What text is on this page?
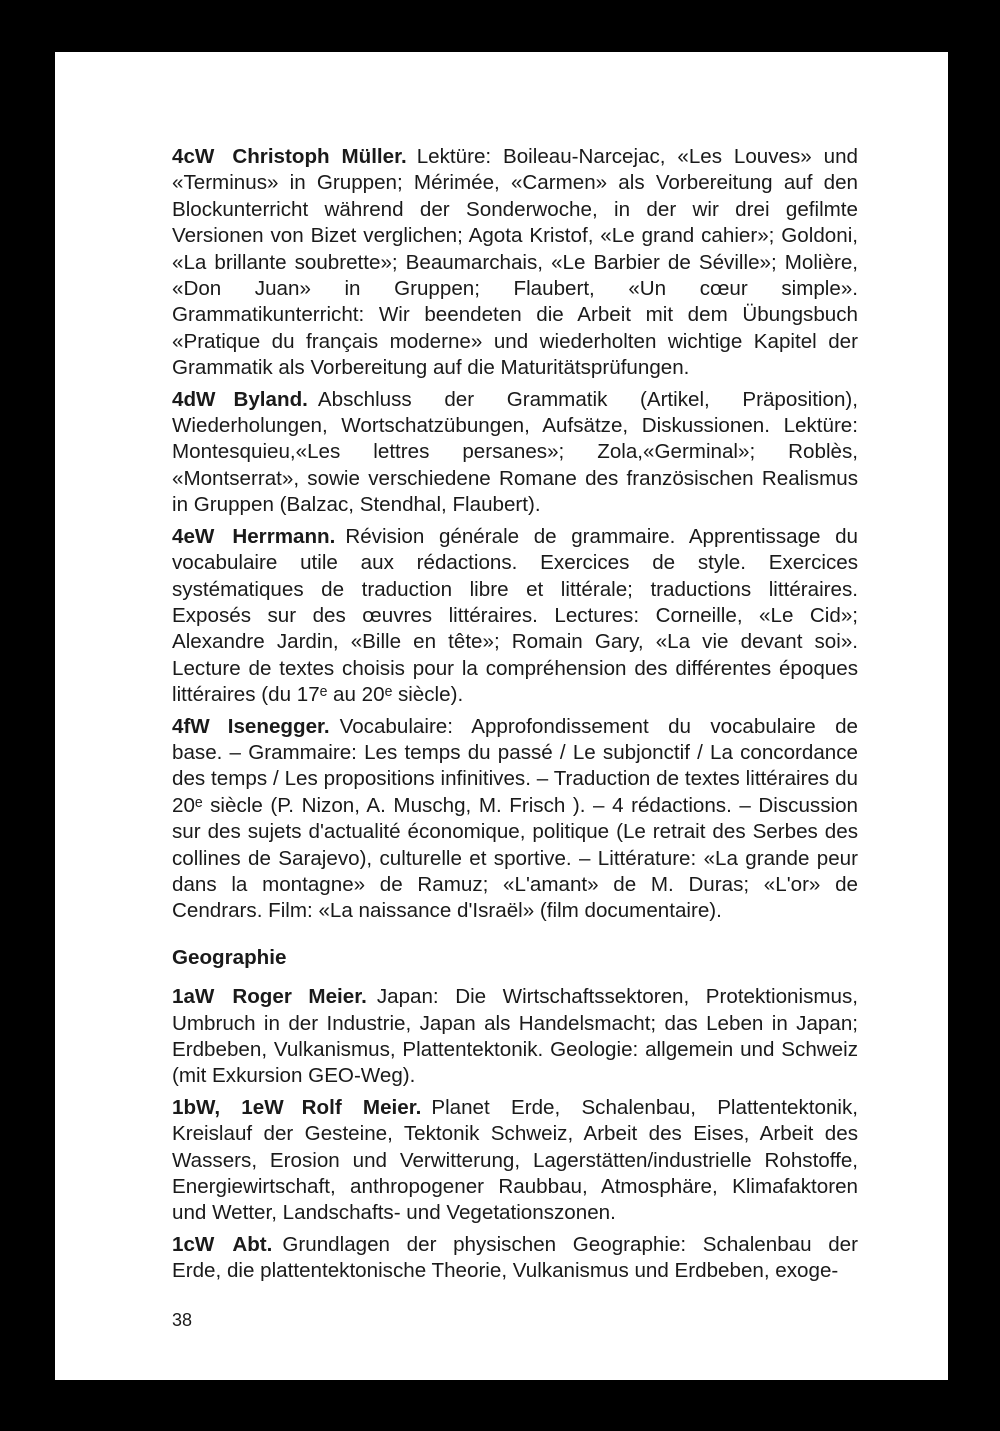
4cW Christoph Müller. Lektüre: Boileau-Narcejac, «Les Louves» und «Terminus» in Gruppen; Mérimée, «Carmen» als Vorbereitung auf den Blockunterricht während der Sonderwoche, in der wir drei gefilmte Versionen von Bizet verglichen; Agota Kristof, «Le grand cahier»; Goldoni, «La brillante soubrette»; Beaumarchais, «Le Barbier de Séville»; Molière, «Don Juan» in Gruppen; Flaubert, «Un cœur simple». Grammatikunterricht: Wir beendeten die Arbeit mit dem Übungsbuch «Pratique du français moderne» und wiederholten wichtige Kapitel der Grammatik als Vorbereitung auf die Maturitätsprüfungen.

4dW Byland. Abschluss der Grammatik (Artikel, Präposition), Wiederholungen, Wortschatzübungen, Aufsätze, Diskussionen. Lektüre: Montesquieu,«Les lettres persanes»; Zola,«Germinal»; Roblès, «Montserrat», sowie verschiedene Romane des französischen Realismus in Gruppen (Balzac, Stendhal, Flaubert).

4eW Herrmann. Révision générale de grammaire. Apprentissage du vocabulaire utile aux rédactions. Exercices de style. Exercices systématiques de traduction libre et littérale; traductions littéraires. Exposés sur des œuvres littéraires. Lectures: Corneille, «Le Cid»; Alexandre Jardin, «Bille en tête»; Romain Gary, «La vie devant soi». Lecture de textes choisis pour la compréhension des différentes époques littéraires (du 17ᵉ au 20ᵉ siècle).

4fW Isenegger. Vocabulaire: Approfondissement du vocabulaire de base. – Grammaire: Les temps du passé / Le subjonctif / La concordance des temps / Les propositions infinitives. – Traduction de textes littéraires du 20ᵉ siècle (P. Nizon, A. Muschg, M. Frisch ). – 4 rédactions. – Discussion sur des sujets d'actualité économique, politique (Le retrait des Serbes des collines de Sarajevo), culturelle et sportive. – Littérature: «La grande peur dans la montagne» de Ramuz; «L'amant» de M. Duras; «L'or» de Cendrars. Film: «La naissance d'Israël» (film documentaire).

Geographie

1aW Roger Meier. Japan: Die Wirtschaftssektoren, Protektionismus, Umbruch in der Industrie, Japan als Handelsmacht; das Leben in Japan; Erdbeben, Vulkanismus, Plattentektonik. Geologie: allgemein und Schweiz (mit Exkursion GEO-Weg).

1bW, 1eW Rolf Meier. Planet Erde, Schalenbau, Plattentektonik, Kreislauf der Gesteine, Tektonik Schweiz, Arbeit des Eises, Arbeit des Wassers, Erosion und Verwitterung, Lagerstätten/industrielle Rohstoffe, Energiewirtschaft, anthropogener Raubbau, Atmosphäre, Klimafaktoren und Wetter, Landschafts- und Vegetationszonen.

1cW Abt. Grundlagen der physischen Geographie: Schalenbau der Erde, die plattentektonische Theorie, Vulkanismus und Erdbeben, exoge-

38
